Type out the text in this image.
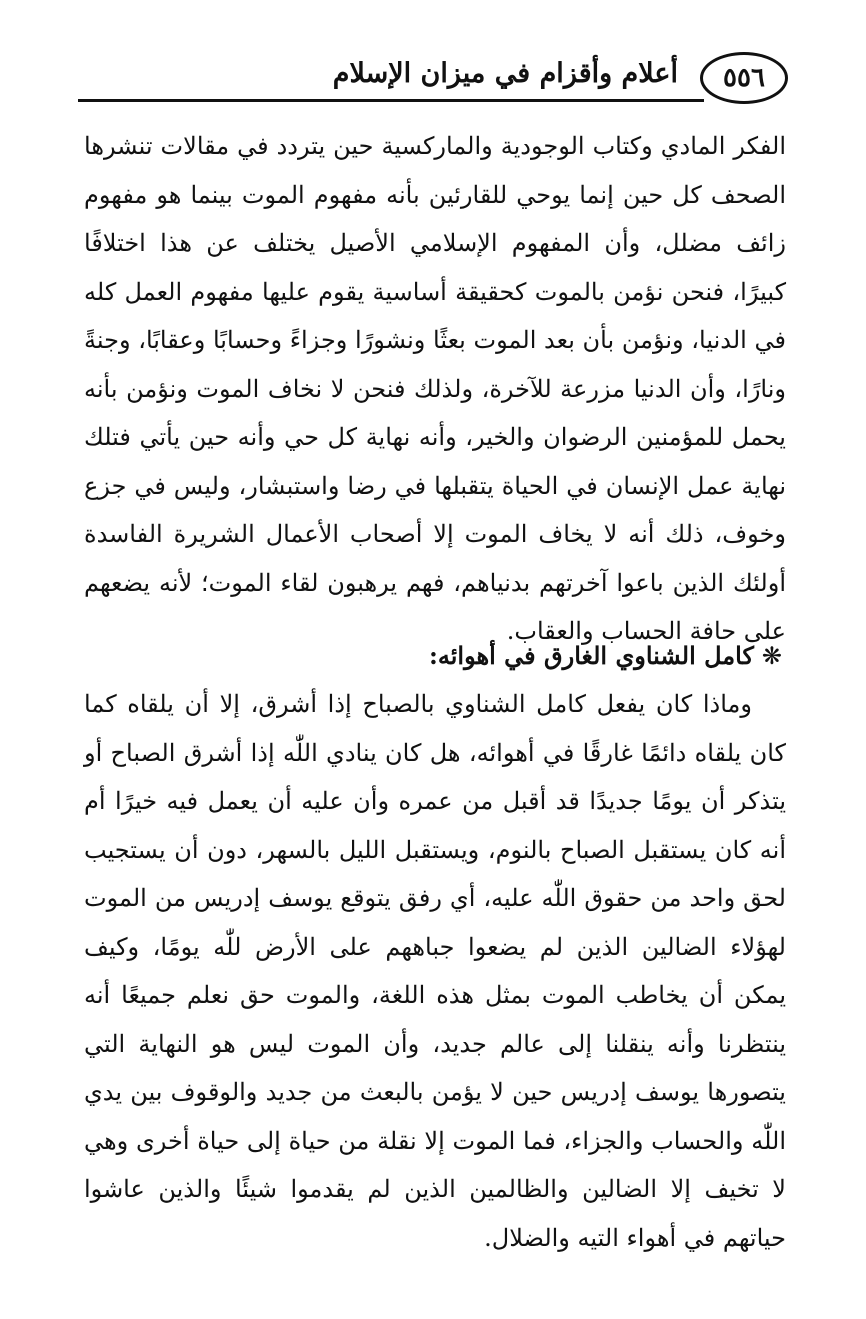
٥٥٦
أعلام وأقزام في ميزان الإسلام

الفكر المادي وكتاب الوجودية والماركسية حين يتردد في مقالات تنشرها الصحف كل حين إنما يوحي للقارئين بأنه مفهوم الموت بينما هو مفهوم زائف مضلل، وأن المفهوم الإسلامي الأصيل يختلف عن هذا اختلافًا كبيرًا، فنحن نؤمن بالموت كحقيقة أساسية يقوم عليها مفهوم العمل كله في الدنيا، ونؤمن بأن بعد الموت بعثًا ونشورًا وجزاءً وحسابًا وعقابًا، وجنةً ونارًا، وأن الدنيا مزرعة للآخرة، ولذلك فنحن لا نخاف الموت ونؤمن بأنه يحمل للمؤمنين الرضوان والخير، وأنه نهاية كل حي وأنه حين يأتي فتلك نهاية عمل الإنسان في الحياة يتقبلها في رضا واستبشار، وليس في جزع وخوف، ذلك أنه لا يخاف الموت إلا أصحاب الأعمال الشريرة الفاسدة أولئك الذين باعوا آخرتهم بدنياهم، فهم يرهبون لقاء الموت؛ لأنه يضعهم على حافة الحساب والعقاب.

❋كامل الشناوي الغارق في أهوائه:

وماذا كان يفعل كامل الشناوي بالصباح إذا أشرق، إلا أن يلقاه كما كان يلقاه دائمًا غارقًا في أهوائه، هل كان ينادي اللّٰه إذا أشرق الصباح أو يتذكر أن يومًا جديدًا قد أقبل من عمره وأن عليه أن يعمل فيه خيرًا أم أنه كان يستقبل الصباح بالنوم، ويستقبل الليل بالسهر، دون أن يستجيب لحق واحد من حقوق اللّٰه عليه، أي رفق يتوقع يوسف إدريس من الموت لهؤلاء الضالين الذين لم يضعوا جباههم على الأرض للّٰه يومًا، وكيف يمكن أن يخاطب الموت بمثل هذه اللغة، والموت حق نعلم جميعًا أنه ينتظرنا وأنه ينقلنا إلى عالم جديد، وأن الموت ليس هو النهاية التي يتصورها يوسف إدريس حين لا يؤمن بالبعث من جديد والوقوف بين يدي اللّٰه والحساب والجزاء، فما الموت إلا نقلة من حياة إلى حياة أخرى وهي لا تخيف إلا الضالين والظالمين الذين لم يقدموا شيئًا والذين عاشوا حياتهم في أهواء التيه والضلال.
